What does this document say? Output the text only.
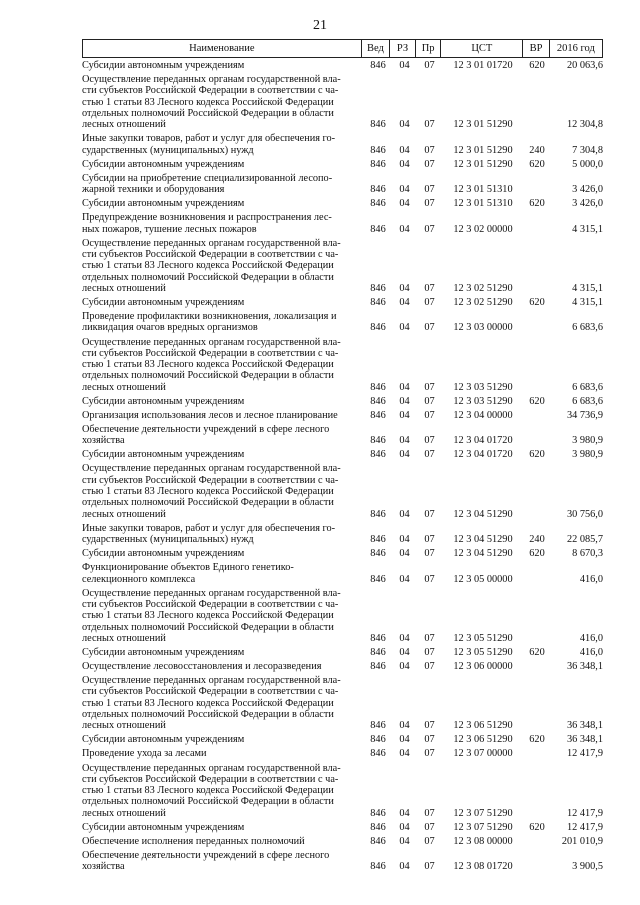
21
Наименование	Вед	РЗ	Пр	ЦСТ	ВР	2016 год
Субсидии автономным учреждениям	846	04	07	12 3 01 01720	620	20 063,6
Осуществление переданных органам государственной вла-
сти субъектов Российской Федерации в соответствии с ча-
стью 1 статьи 83 Лесного кодекса Российской Федерации
отдельных полномочий Российской Федерации в области
лесных отношений	846	04	07	12 3 01 51290	12 304,8
Иные закупки товаров, работ и услуг для обеспечения го-
сударственных (муниципальных) нужд	846	04	07	12 3 01 51290	240	7 304,8
Субсидии автономным учреждениям	846	04	07	12 3 01 51290	620	5 000,0
Субсидии на приобретение специализированной лесопо-
жарной техники и оборудования	846	04	07	12 3 01 51310	3 426,0
Субсидии автономным учреждениям	846	04	07	12 3 01 51310	620	3 426,0
Предупреждение возникновения и распространения лес-
ных пожаров, тушение лесных пожаров	846	04	07	12 3 02 00000	4 315,1
Осуществление переданных органам государственной вла-
сти субъектов Российской Федерации в соответствии с ча-
стью 1 статьи 83 Лесного кодекса Российской Федерации
отдельных полномочий Российской Федерации в области
лесных отношений	846	04	07	12 3 02 51290	4 315,1
Субсидии автономным учреждениям	846	04	07	12 3 02 51290	620	4 315,1
Проведение профилактики возникновения, локализация и
ликвидация очагов вредных организмов	846	04	07	12 3 03 00000	6 683,6
Осуществление переданных органам государственной вла-
сти субъектов Российской Федерации в соответствии с ча-
стью 1 статьи 83 Лесного кодекса Российской Федерации
отдельных полномочий Российской Федерации в области
лесных отношений	846	04	07	12 3 03 51290	6 683,6
Субсидии автономным учреждениям	846	04	07	12 3 03 51290	620	6 683,6
Организация использования лесов и лесное планирование	846	04	07	12 3 04 00000	34 736,9
Обеспечение деятельности учреждений в сфере лесного
хозяйства	846	04	07	12 3 04 01720	3 980,9
Субсидии автономным учреждениям	846	04	07	12 3 04 01720	620	3 980,9
Осуществление переданных органам государственной вла-
сти субъектов Российской Федерации в соответствии с ча-
стью 1 статьи 83 Лесного кодекса Российской Федерации
отдельных полномочий Российской Федерации в области
лесных отношений	846	04	07	12 3 04 51290	30 756,0
Иные закупки товаров, работ и услуг для обеспечения го-
сударственных (муниципальных) нужд	846	04	07	12 3 04 51290	240	22 085,7
Субсидии автономным учреждениям	846	04	07	12 3 04 51290	620	8 670,3
Функционирование объектов Единого генетико-
селекционного комплекса	846	04	07	12 3 05 00000	416,0
Осуществление переданных органам государственной вла-
сти субъектов Российской Федерации в соответствии с ча-
стью 1 статьи 83 Лесного кодекса Российской Федерации
отдельных полномочий Российской Федерации в области
лесных отношений	846	04	07	12 3 05 51290	416,0
Субсидии автономным учреждениям	846	04	07	12 3 05 51290	620	416,0
Осуществление лесовосстановления и лесоразведения	846	04	07	12 3 06 00000	36 348,1
Осуществление переданных органам государственной вла-
сти субъектов Российской Федерации в соответствии с ча-
стью 1 статьи 83 Лесного кодекса Российской Федерации
отдельных полномочий Российской Федерации в области
лесных отношений	846	04	07	12 3 06 51290	36 348,1
Субсидии автономным учреждениям	846	04	07	12 3 06 51290	620	36 348,1
Проведение ухода за лесами	846	04	07	12 3 07 00000	12 417,9
Осуществление переданных органам государственной вла-
сти субъектов Российской Федерации в соответствии с ча-
стью 1 статьи 83 Лесного кодекса Российской Федерации
отдельных полномочий Российской Федерации в области
лесных отношений	846	04	07	12 3 07 51290	12 417,9
Субсидии автономным учреждениям	846	04	07	12 3 07 51290	620	12 417,9
Обеспечение исполнения переданных полномочий	846	04	07	12 3 08 00000	201 010,9
Обеспечение деятельности учреждений в сфере лесного
хозяйства	846	04	07	12 3 08 01720	3 900,5
